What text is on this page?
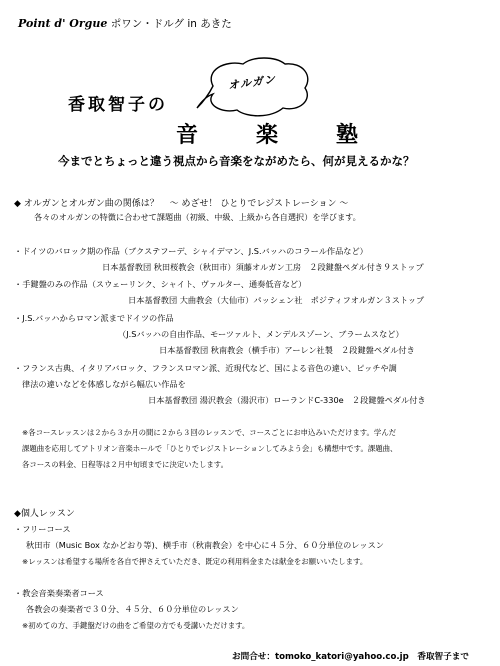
Point d' Orgue ポワン・ドルグ in あきた
香取智子の
オルガン
音楽塾
今までとちょっと違う視点から音楽をながめたら、何が見えるかな？
◆ オルガンとオルガン曲の関係は？ 〜 めざせ！ ひとりでレジストレーション 〜
各々のオルガンの特徴に合わせて課題曲（初級、中級、上級から各自選択）を学びます。
・ドイツのバロック期の作品（ブクステフーデ、シャイデマン、J.S.バッハのコラール作品など）
日本基督教団 秋田桜教会（秋田市）須藤オルガン工房　２段鍵盤ペダル付き９ストップ
・手鍵盤のみの作品（スウェーリンク、シャイト、ヴァルター、通奏低音など）
日本基督教団 大曲教会（大仙市）パッシェン社　ポジティフオルガン３ストップ
・J.S.バッハからロマン派までドイツの作品
（J.Sバッハの自由作品、モーツァルト、メンデルスゾーン、ブラームスなど）
日本基督教団 秋南教会（横手市）アーレン社製　２段鍵盤ペダル付き
・フランス古典、イタリアバロック、フランスロマン派、近現代など、国による音色の違い、ピッチや調
律法の違いなどを体感しながら幅広い作品を
日本基督教団 湯沢教会（湯沢市）ローランドC-330e　２段鍵盤ペダル付き
※各コースレッスンは２から３か月の間に２から３回のレッスンで、コースごとにお申込みいただけます。学んだ
課題曲を応用してアトリオン音楽ホールで「ひとりでレジストレーションしてみよう会」も構想中です。課題曲、
各コースの料金、日程等は２月中旬頃までに決定いたします。
◆個人レッスン
・フリーコース
秋田市（Music Box なかどおり等)、横手市（秋南教会）を中心に４５分、６０分単位のレッスン
※レッスンは希望する場所を各自で押さえていただき、既定の利用料金または献金をお願いいたします。
・教会音楽奏楽者コース
各教会の奏楽者で３０分、４５分、６０分単位のレッスン
※初めての方、手鍵盤だけの曲をご希望の方でも受講いただけます。
お問合せ：tomoko_katori@yahoo.co.jp　香取智子まで
